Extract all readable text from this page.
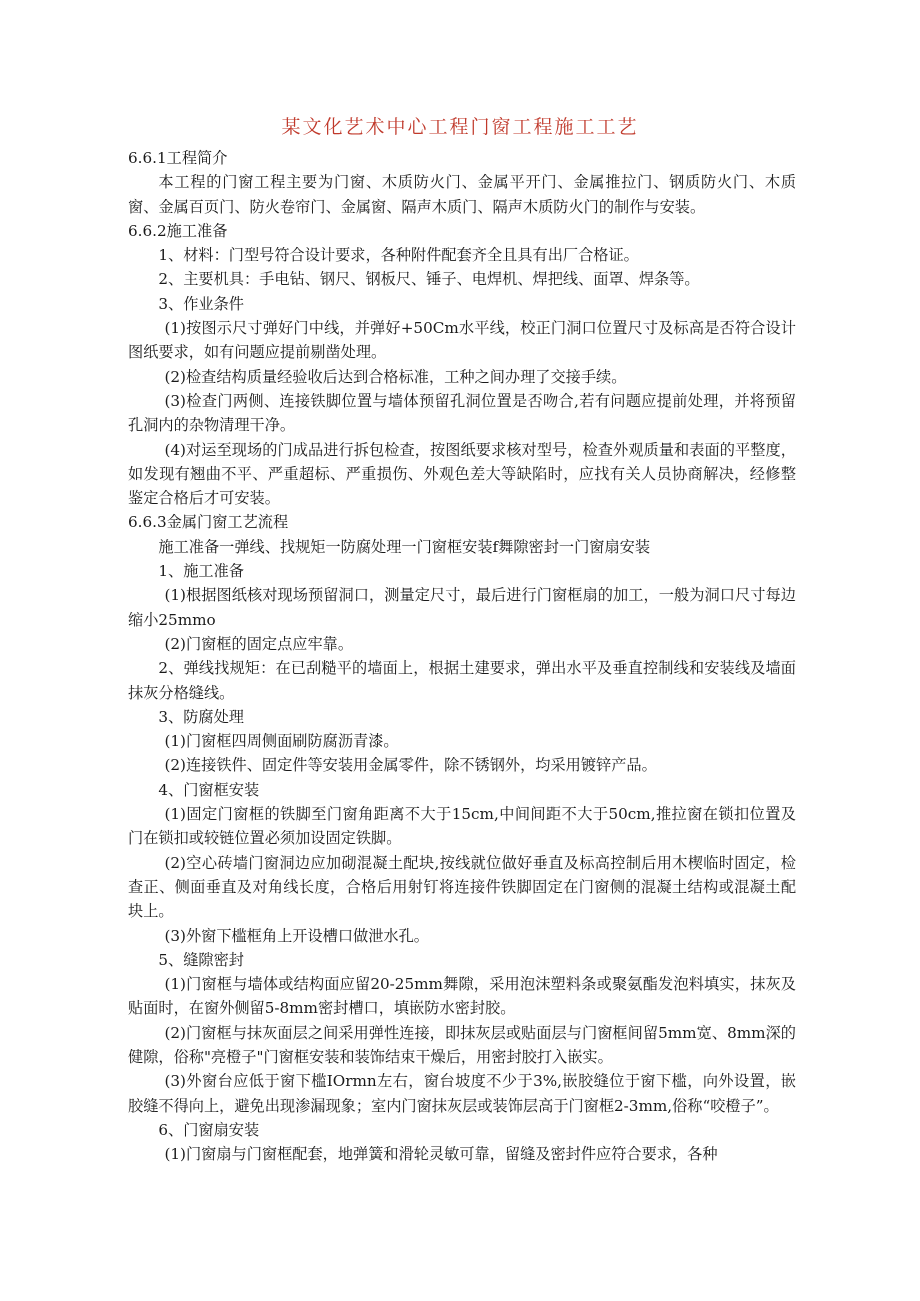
某文化艺术中心工程门窗工程施工工艺

6.6.1工程简介

本工程的门窗工程主要为门窗、木质防火门、金属平开门、金属推拉门、钢质防火门、木质窗、金属百页门、防火卷帘门、金属窗、隔声木质门、隔声木质防火门的制作与安装。

6.6.2施工准备

1、材料：门型号符合设计要求，各种附件配套齐全且具有出厂合格证。

2、主要机具：手电钻、钢尺、钢板尺、锤子、电焊机、焊把线、面罩、焊条等。

3、作业条件

(1)按图示尺寸弹好门中线，并弹好+50Cm水平线，校正门洞口位置尺寸及标高是否符合设计图纸要求，如有问题应提前剔凿处理。

(2)检查结构质量经验收后达到合格标准，工种之间办理了交接手续。

(3)检查门两侧、连接铁脚位置与墙体预留孔洞位置是否吻合,若有问题应提前处理，并将预留孔洞内的杂物清理干净。

(4)对运至现场的门成品进行拆包检查，按图纸要求核对型号，检查外观质量和表面的平整度，如发现有翘曲不平、严重超标、严重损伤、外观色差大等缺陷时，应找有关人员协商解决，经修整鉴定合格后才可安装。

6.6.3金属门窗工艺流程

施工准备一弹线、找规矩一防腐处理一门窗框安装f舞隙密封一门窗扇安装

1、施工准备

(1)根据图纸核对现场预留洞口，测量定尺寸，最后进行门窗框扇的加工，一般为洞口尺寸每边缩小25mmo

(2)门窗框的固定点应牢靠。

2、弹线找规矩：在已刮糙平的墙面上，根据土建要求，弹出水平及垂直控制线和安装线及墙面抹灰分格缝线。

3、防腐处理

(1)门窗框四周侧面刷防腐沥青漆。

(2)连接铁件、固定件等安装用金属零件，除不锈钢外，均采用镀锌产品。

4、门窗框安装

(1)固定门窗框的铁脚至门窗角距离不大于15cm,中间间距不大于50cm,推拉窗在锁扣位置及门在锁扣或较链位置必须加设固定铁脚。

(2)空心砖墙门窗洞边应加砌混凝土配块,按线就位做好垂直及标高控制后用木楔临时固定，检查正、侧面垂直及对角线长度，合格后用射钉将连接件铁脚固定在门窗侧的混凝土结构或混凝土配块上。

(3)外窗下槛框角上开设槽口做泄水孔。

5、缝隙密封

(1)门窗框与墙体或结构面应留20-25mm舞隙，采用泡沫塑料条或聚氨酯发泡料填实，抹灰及贴面时，在窗外侧留5-8mm密封槽口，填嵌防水密封胶。

(2)门窗框与抹灰面层之间采用弹性连接，即抹灰层或贴面层与门窗框间留5mm宽、8mm深的健隙，俗称"亮橙子"门窗框安装和装饰结束干燥后，用密封胶打入嵌实。

(3)外窗台应低于窗下槛IOrmn左右，窗台坡度不少于3%,嵌胶缝位于窗下槛，向外设置，嵌胶缝不得向上，避免出现渗漏现象；室内门窗抹灰层或装饰层高于门窗框2-3mm,俗称“咬橙子”。

6、门窗扇安装

(1)门窗扇与门窗框配套，地弹簧和滑轮灵敏可靠，留缝及密封件应符合要求，各种
